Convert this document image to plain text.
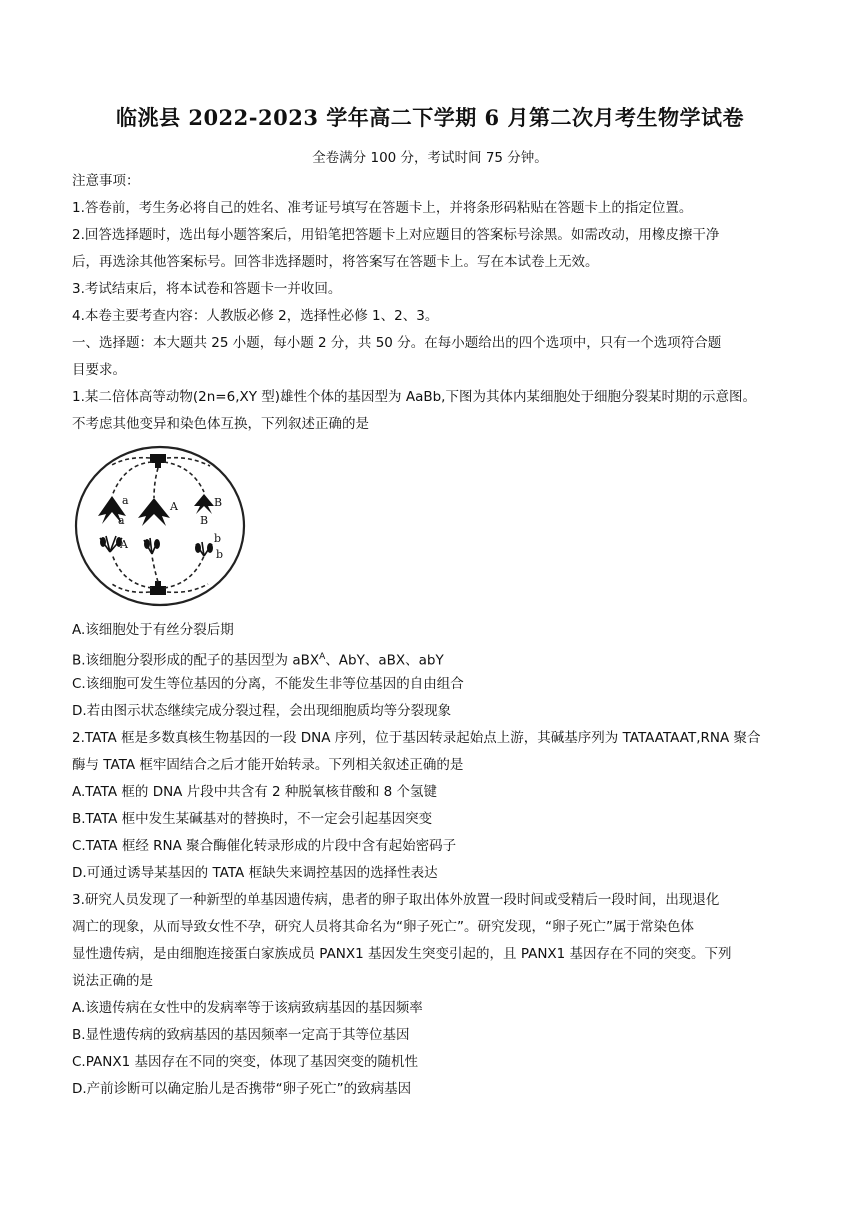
临洮县 2022-2023 学年高二下学期 6 月第二次月考生物学试卷

全卷满分 100 分，考试时间 75 分钟。

注意事项：

1.答卷前，考生务必将自己的姓名、准考证号填写在答题卡上，并将条形码粘贴在答题卡上的指定位置。

2.回答选择题时，选出每小题答案后，用铅笔把答题卡上对应题目的答案标号涂黑。如需改动，用橡皮擦干净

后，再选涂其他答案标号。回答非选择题时，将答案写在答题卡上。写在本试卷上无效。

3.考试结束后，将本试卷和答题卡一并收回。

4.本卷主要考查内容：人教版必修 2，选择性必修 1、2、3。

一、选择题：本大题共 25 小题，每小题 2 分，共 50 分。在每小题给出的四个选项中，只有一个选项符合题

目要求。

1.某二倍体高等动物(2n=6,XY 型)雄性个体的基因型为 AaBb,下图为其体内某细胞处于细胞分裂某时期的示意图。

不考虑其他变异和染色体互换，下列叙述正确的是

a
a
A	B
B
A	b
b

A.该细胞处于有丝分裂后期

B.该细胞分裂形成的配子的基因型为 aBX$^A$、AbY、aBX、abY

C.该细胞可发生等位基因的分离，不能发生非等位基因的自由组合

D.若由图示状态继续完成分裂过程，会出现细胞质均等分裂现象

2.TATA 框是多数真核生物基因的一段 DNA 序列，位于基因转录起始点上游，其碱基序列为 TATAATAAT,RNA 聚合

酶与 TATA 框牢固结合之后才能开始转录。下列相关叙述正确的是

A.TATA 框的 DNA 片段中共含有 2 种脱氧核苷酸和 8 个氢键

B.TATA 框中发生某碱基对的替换时，不一定会引起基因突变

C.TATA 框经 RNA 聚合酶催化转录形成的片段中含有起始密码子

D.可通过诱导某基因的 TATA 框缺失来调控基因的选择性表达

3.研究人员发现了一种新型的单基因遗传病，患者的卵子取出体外放置一段时间或受精后一段时间，出现退化

凋亡的现象，从而导致女性不孕，研究人员将其命名为“卵子死亡”。研究发现，“卵子死亡”属于常染色体

显性遗传病，是由细胞连接蛋白家族成员 PANX1 基因发生突变引起的，且 PANX1 基因存在不同的突变。下列

说法正确的是

A.该遗传病在女性中的发病率等于该病致病基因的基因频率

B.显性遗传病的致病基因的基因频率一定高于其等位基因

C.PANX1 基因存在不同的突变，体现了基因突变的随机性

D.产前诊断可以确定胎儿是否携带“卵子死亡”的致病基因
